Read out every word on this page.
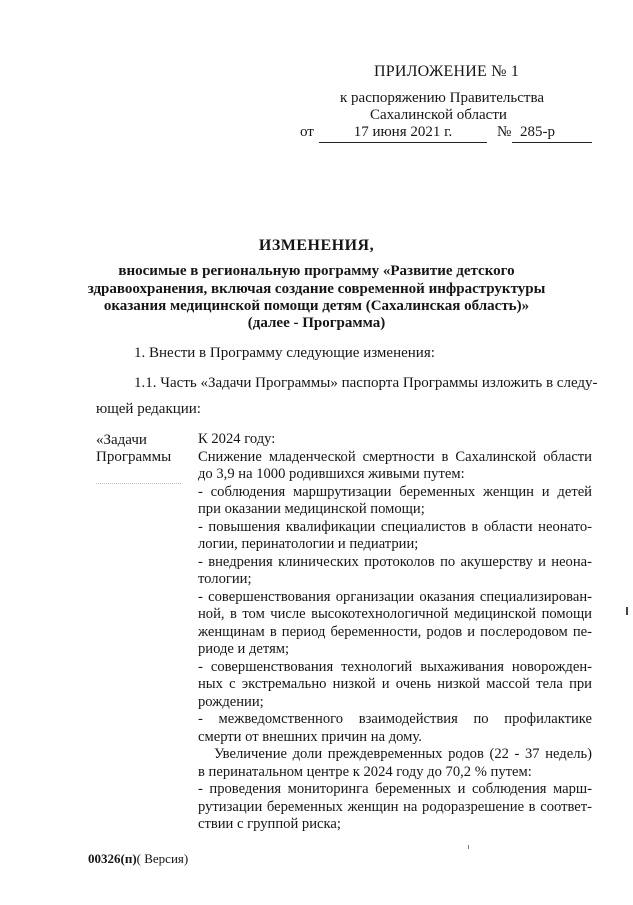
ПРИЛОЖЕНИЕ № 1
к распоряжению Правительства
Сахалинской области
от	17 июня 2021 г.	№ 285-р
ИЗМЕНЕНИЯ,
вносимые в региональную программу «Развитие детского
здравоохранения, включая создание современной инфраструктуры
оказания медицинской помощи детям (Сахалинская область)»
(далее - Программа)
1. Внести в Программу следующие изменения:
1.1. Часть «Задачи Программы» паспорта Программы изложить в следу-
ющей редакции:
«Задачи
Программы
К 2024 году:
Снижение младенческой смертности в Сахалинской области
до 3,9 на 1000 родившихся живыми путем:
- соблюдения маршрутизации беременных женщин и детей
при оказании медицинской помощи;
- повышения квалификации специалистов в области неонато-
логии, перинатологии и педиатрии;
- внедрения клинических протоколов по акушерству и неона-
тологии;
- совершенствования организации оказания специализирован-
ной, в том числе высокотехнологичной медицинской помощи
женщинам в период беременности, родов и послеродовом пе-
риоде и детям;
- совершенствования технологий выхаживания новорожден-
ных с экстремально низкой и очень низкой массой тела при
рождении;
- межведомственного взаимодействия по профилактике
смерти от внешних причин на дому.
Увеличение доли преждевременных родов (22 - 37 недель)
в перинатальном центре к 2024 году до 70,2 % путем:
- проведения мониторинга беременных и соблюдения марш-
рутизации беременных женщин на родоразрешение в соответ-
ствии с группой риска;
00326(п)( Версия)
